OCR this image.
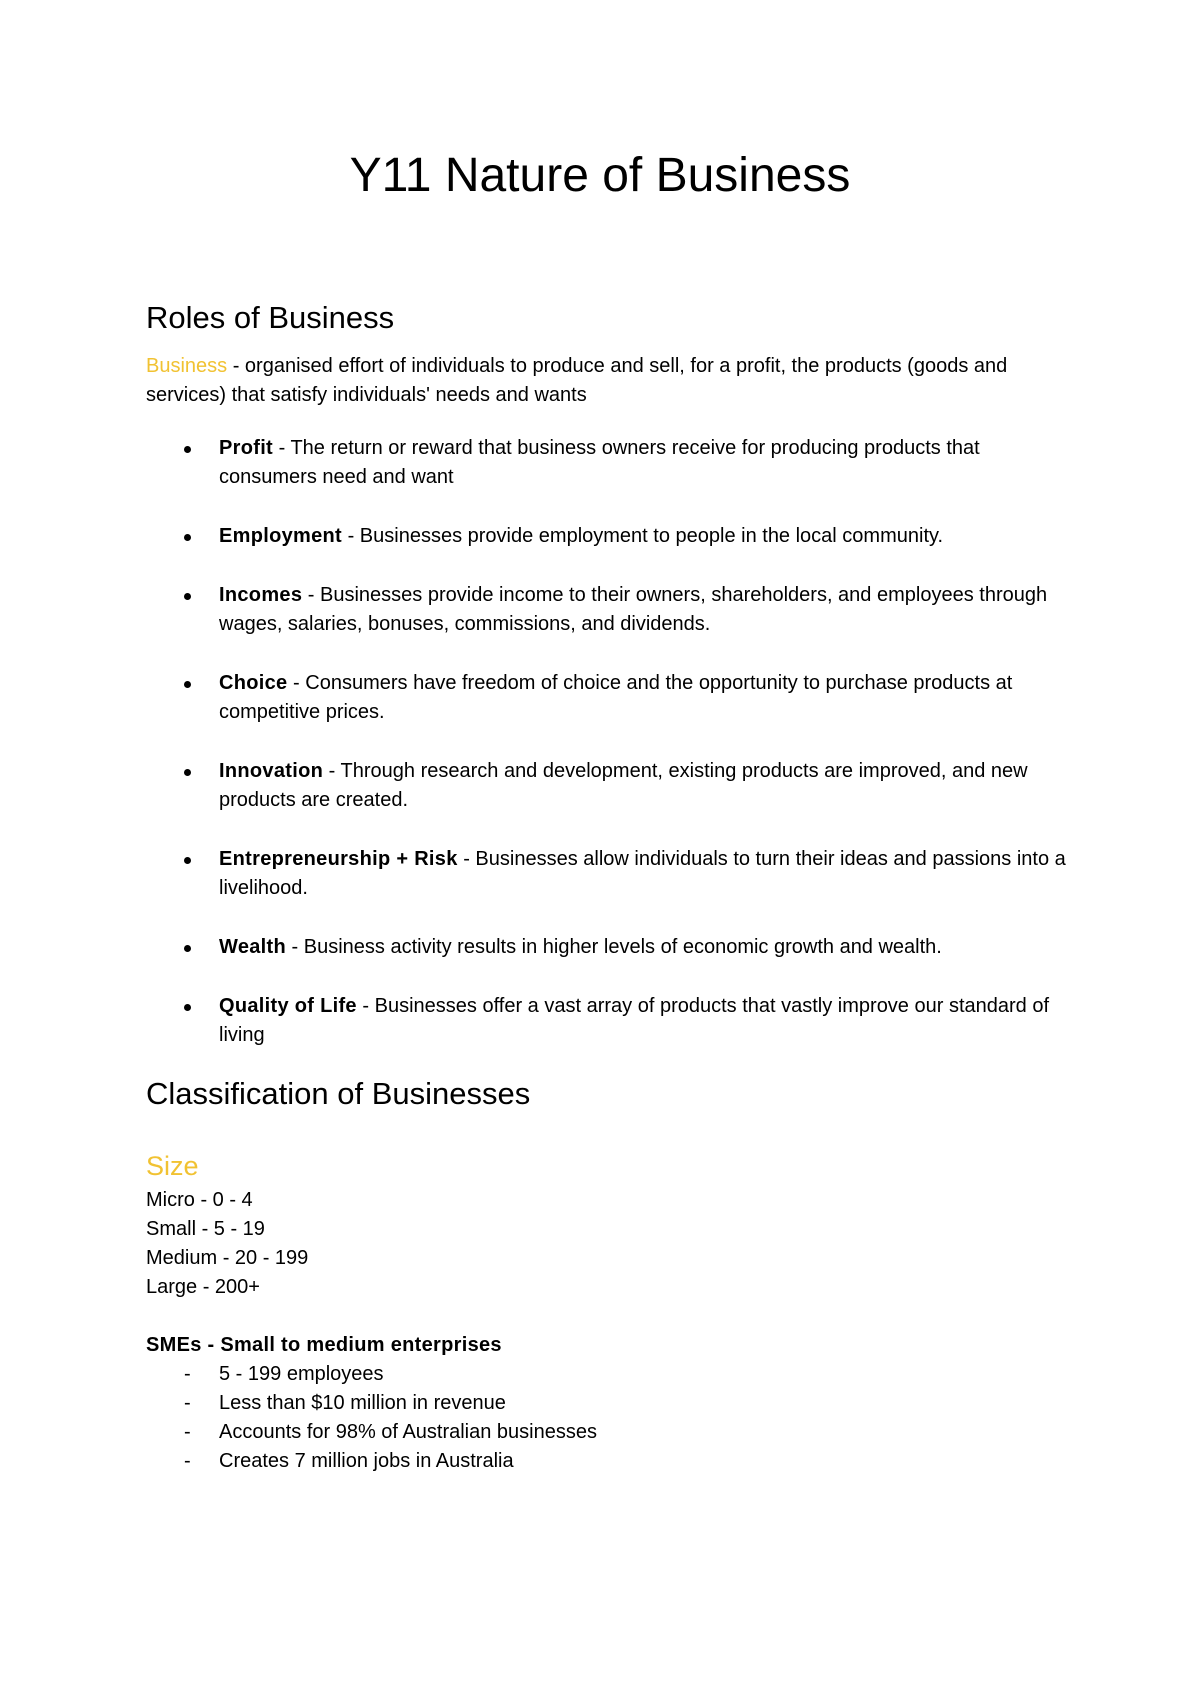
Y11 Nature of Business
Roles of Business

Business - organised effort of individuals to produce and sell, for a profit, the products (goods and services) that satisfy individuals' needs and wants

Profit - The return or reward that business owners receive for producing products that consumers need and want
Employment - Businesses provide employment to people in the local community.
Incomes - Businesses provide income to their owners, shareholders, and employees through wages, salaries, bonuses, commissions, and dividends.
Choice - Consumers have freedom of choice and the opportunity to purchase products at competitive prices.
Innovation - Through research and development, existing products are improved, and new products are created.
Entrepreneurship + Risk - Businesses allow individuals to turn their ideas and passions into a livelihood.
Wealth - Business activity results in higher levels of economic growth and wealth.
Quality of Life - Businesses offer a vast array of products that vastly improve our standard of living
Classification of Businesses
Size
Micro - 0 - 4
Small - 5 - 19
Medium - 20 - 199
Large - 200+

SMEs - Small to medium enterprises

- 5 - 199 employees
- Less than $10 million in revenue
- Accounts for 98% of Australian businesses
- Creates 7 million jobs in Australia
